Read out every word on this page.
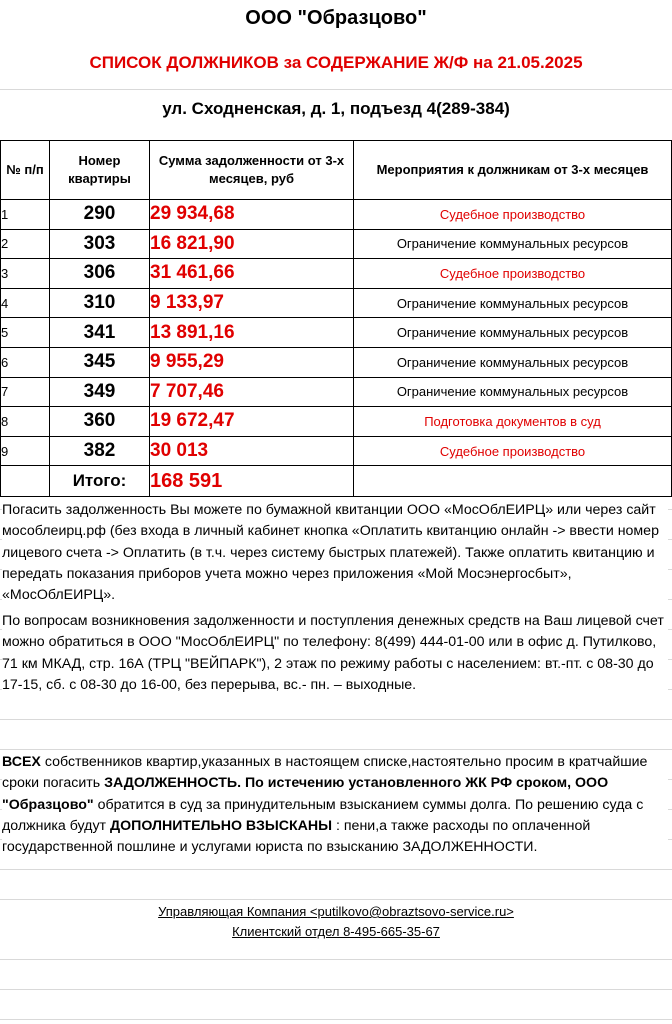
ООО "Образцово"
СПИСОК ДОЛЖНИКОВ за СОДЕРЖАНИЕ Ж/Ф на 21.05.2025
ул. Сходненская, д. 1, подъезд 4(289-384)
№ п/п	Номер квартиры	Сумма задолженности от 3-х месяцев, руб	Мероприятия к должникам от 3-х месяцев
1	290	29 934,68	Судебное производство
2	303	16 821,90	Ограничение коммунальных ресурсов
3	306	31 461,66	Судебное производство
4	310	9 133,97	Ограничение коммунальных ресурсов
5	341	13 891,16	Ограничение коммунальных ресурсов
6	345	9 955,29	Ограничение коммунальных ресурсов
7	349	7 707,46	Ограничение коммунальных ресурсов
8	360	19 672,47	Подготовка документов в суд
9	382	30 013	Судебное производство
	Итого:	168 591	

Погасить задолженность Вы можете по бумажной квитанции ООО «МосОблЕИРЦ» или через сайт мособлеирц.рф (без входа в личный кабинет кнопка «Оплатить квитанцию онлайн -> ввести номер лицевого счета -> Оплатить (в т.ч. через систему быстрых платежей). Также оплатить квитанцию и передать показания приборов учета можно через приложения «Мой Мосэнергосбыт», «МосОблЕИРЦ».

По вопросам возникновения задолженности и поступления денежных средств на Ваш лицевой счет можно обратиться в ООО "МосОблЕИРЦ" по телефону: 8(499) 444-01-00 или в офис д. Путилково, 71 км МКАД, стр. 16А (ТРЦ "ВЕЙПАРК"), 2 этаж по режиму работы с населением: вт.-пт. с 08-30 до 17-15, сб. с 08-30 до 16-00, без перерыва, вс.- пн. – выходные.

ВСЕХ собственников квартир,указанных в настоящем списке,настоятельно просим в кратчайшие сроки погасить ЗАДОЛЖЕННОСТЬ. По истечению установленного ЖК РФ сроком, ООО "Образцово" обратится в суд за принудительным взысканием суммы долга. По решению суда с должника будут ДОПОЛНИТЕЛЬНО ВЗЫСКАНЫ : пени,а также расходы по оплаченной государственной пошлине и услугами юриста по взысканию ЗАДОЛЖЕННОСТИ.

Управляющая Компания <putilkovo@obraztsovo-service.ru>
Клиентский отдел 8-495-665-35-67
